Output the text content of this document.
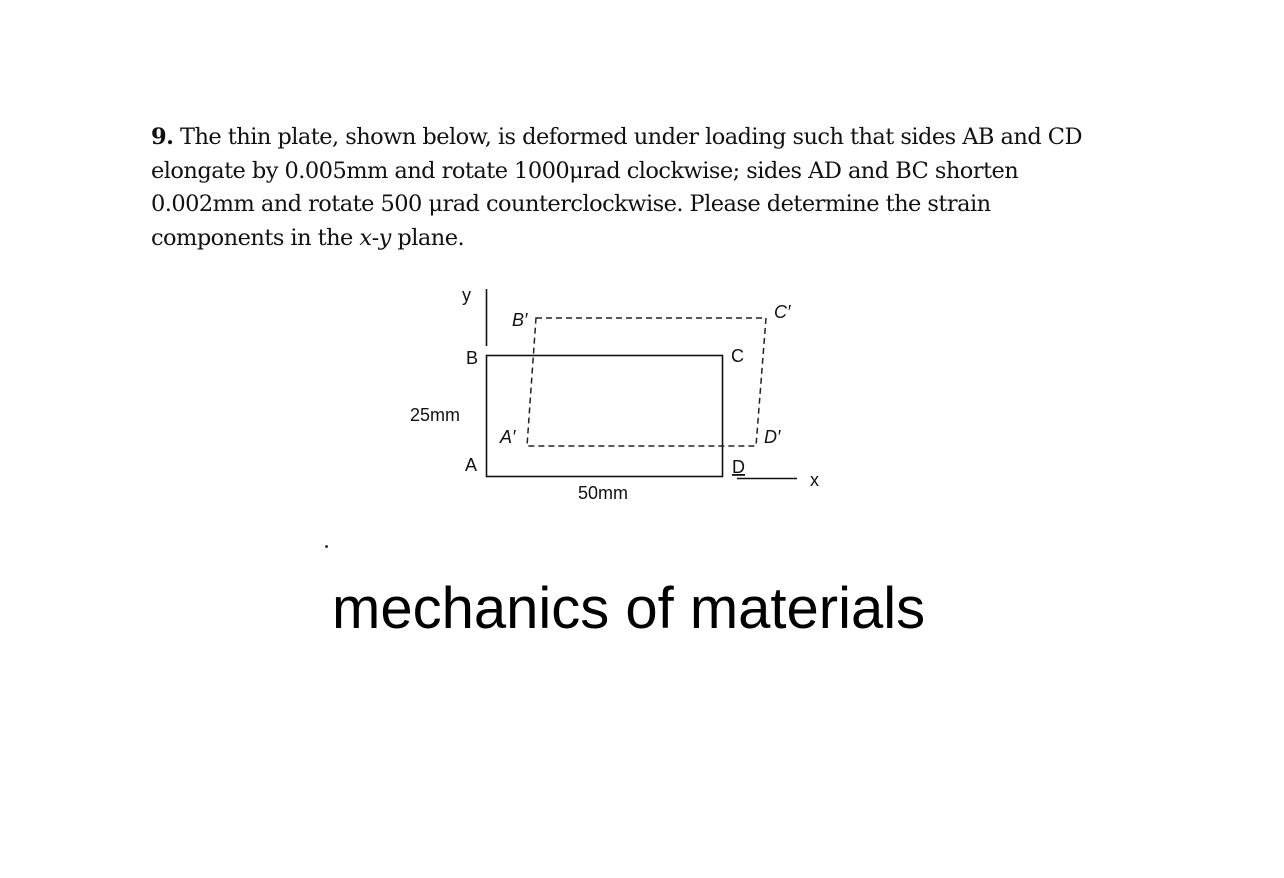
9. The thin plate, shown below, is deformed under loading such that sides AB and CD
elongate by 0.005mm and rotate 1000μrad clockwise; sides AD and BC shorten
0.002mm and rotate 500 μrad counterclockwise. Please determine the strain
components in the x-y plane.
y
x
B
A
C
D
B′
A′
C′
D′
25mm
50mm
mechanics of materials
